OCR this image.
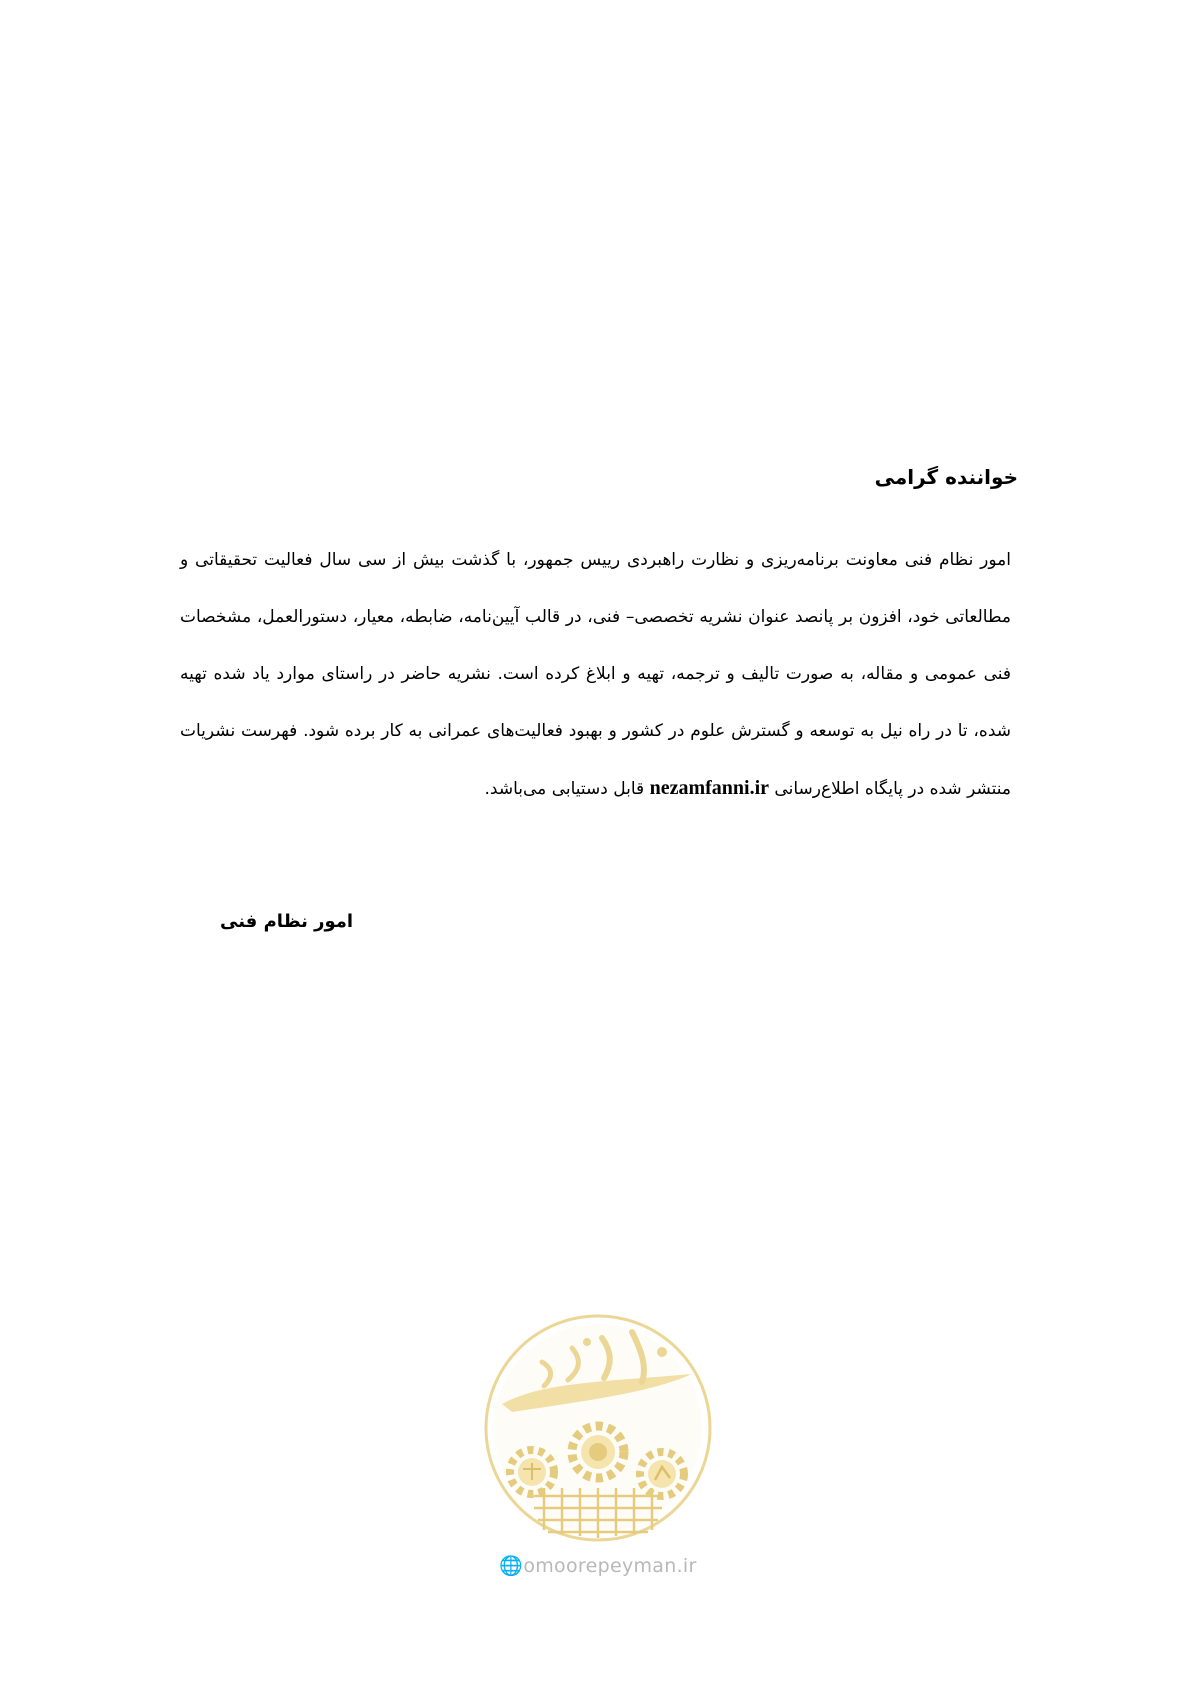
خواننده گرامی

امور نظام فنی معاونت برنامه‌ریزی و نظارت راهبردی رییس جمهور، با گذشت بیش از سی سال فعالیت تحقیقاتی و مطالعاتی خود، افزون بر پانصد عنوان نشریه تخصصی– فنی، در قالب آیین‌نامه، ضابطه، معیار، دستورالعمل، مشخصات فنی عمومی و مقاله، به صورت تالیف و ترجمه، تهیه و ابلاغ کرده است. نشریه حاضر در راستای موارد یاد شده تهیه شده، تا در راه نیل به توسعه و گسترش علوم در کشور و بهبود فعالیت‌های عمرانی به کار برده شود. فهرست نشریات منتشر شده در پایگاه اطلاع‌رسانی nezamfanni.ir قابل دستیابی می‌باشد.

امور نظام فنی

🌐omoorepeyman.ir
